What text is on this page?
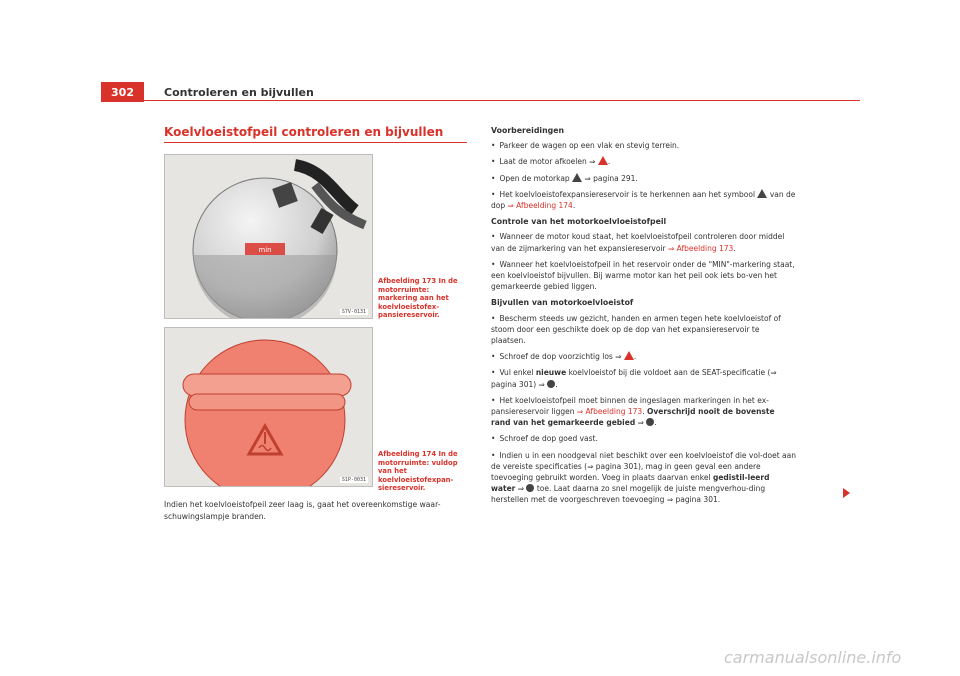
302	Controleren en bijvullen
Koelvloeistofpeil controleren en bijvullen
min
S7V-0131
Afbeelding 173 In de motorruimte: markering aan het koelvloeistofex-pansiereservoir.
S1P-0031
Afbeelding 174 In de motorruimte: vuldop van het koelvloeistofexpan-siereservoir.
Indien het koelvloeistofpeil zeer laag is, gaat het overeenkomstige waar-schuwingslampje branden.

Voorbereidingen

• Parkeer de wagen op een vlak en stevig terrein.

• Laat de motor afkoelen ⇒ .

• Open de motorkap ⇒ pagina 291.

• Het koelvloeistofexpansiereservoir is te herkennen aan het symbool van de dop ⇒ Afbeelding 174.

Controle van het motorkoelvloeistofpeil

• Wanneer de motor koud staat, het koelvloeistofpeil controleren door middel van de zijmarkering van het expansiereservoir ⇒ Afbeelding 173.

• Wanneer het koelvloeistofpeil in het reservoir onder de "MIN"-markering staat, een koelvloeistof bijvullen. Bij warme motor kan het peil ook iets bo-ven het gemarkeerde gebied liggen.

Bijvullen van motorkoelvloeistof

• Bescherm steeds uw gezicht, handen en armen tegen hete koelvloeistof of stoom door een geschikte doek op de dop van het expansiereservoir te plaatsen.

• Schroef de dop voorzichtig los ⇒ .

• Vul enkel nieuwe koelvloeistof bij die voldoet aan de SEAT-specificatie (⇒ pagina 301) ⇒ .

• Het koelvloeistofpeil moet binnen de ingeslagen markeringen in het ex-pansiereservoir liggen ⇒ Afbeelding 173. Overschrijd nooit de bovenste rand van het gemarkeerde gebied ⇒ .

• Schroef de dop goed vast.

• Indien u in een noodgeval niet beschikt over een koelvloeistof die vol-doet aan de vereiste specificaties (⇒ pagina 301), mag in geen geval een andere toevoeging gebruikt worden. Voeg in plaats daarvan enkel gedistil-leerd water ⇒ toe. Laat daarna zo snel mogelijk de juiste mengverhou-ding herstellen met de voorgeschreven toevoeging ⇒ pagina 301.

carmanualsonline.info
